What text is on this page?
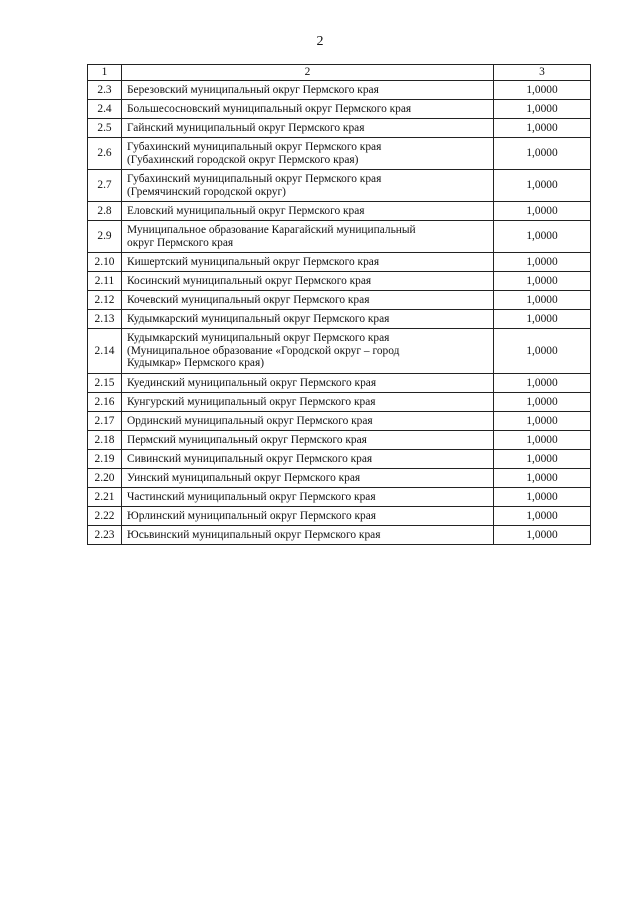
2
1	2	3
2.3	Березовский муниципальный округ Пермского края	1,0000
2.4	Большесосновский муниципальный округ Пермского края	1,0000
2.5	Гайнский муниципальный округ Пермского края	1,0000
2.6	Губахинский муниципальный округ Пермского края
(Губахинский городской округ Пермского края)	1,0000
2.7	Губахинский муниципальный округ Пермского края
(Гремячинский городской округ)	1,0000
2.8	Еловский муниципальный округ Пермского края	1,0000
2.9	Муниципальное образование Карагайский муниципальный
округ Пермского края	1,0000
2.10	Кишертский муниципальный округ Пермского края	1,0000
2.11	Косинский муниципальный округ Пермского края	1,0000
2.12	Кочевский муниципальный округ Пермского края	1,0000
2.13	Кудымкарский муниципальный округ Пермского края	1,0000
2.14	Кудымкарский муниципальный округ Пермского края
(Муниципальное образование «Городской округ – город
Кудымкар» Пермского края)	1,0000
2.15	Куединский муниципальный округ Пермского края	1,0000
2.16	Кунгурский муниципальный округ Пермского края	1,0000
2.17	Ординский муниципальный округ Пермского края	1,0000
2.18	Пермский муниципальный округ Пермского края	1,0000
2.19	Сивинский муниципальный округ Пермского края	1,0000
2.20	Уинский муниципальный округ Пермского края	1,0000
2.21	Частинский муниципальный округ Пермского края	1,0000
2.22	Юрлинский муниципальный округ Пермского края	1,0000
2.23	Юсьвинский муниципальный округ Пермского края	1,0000
